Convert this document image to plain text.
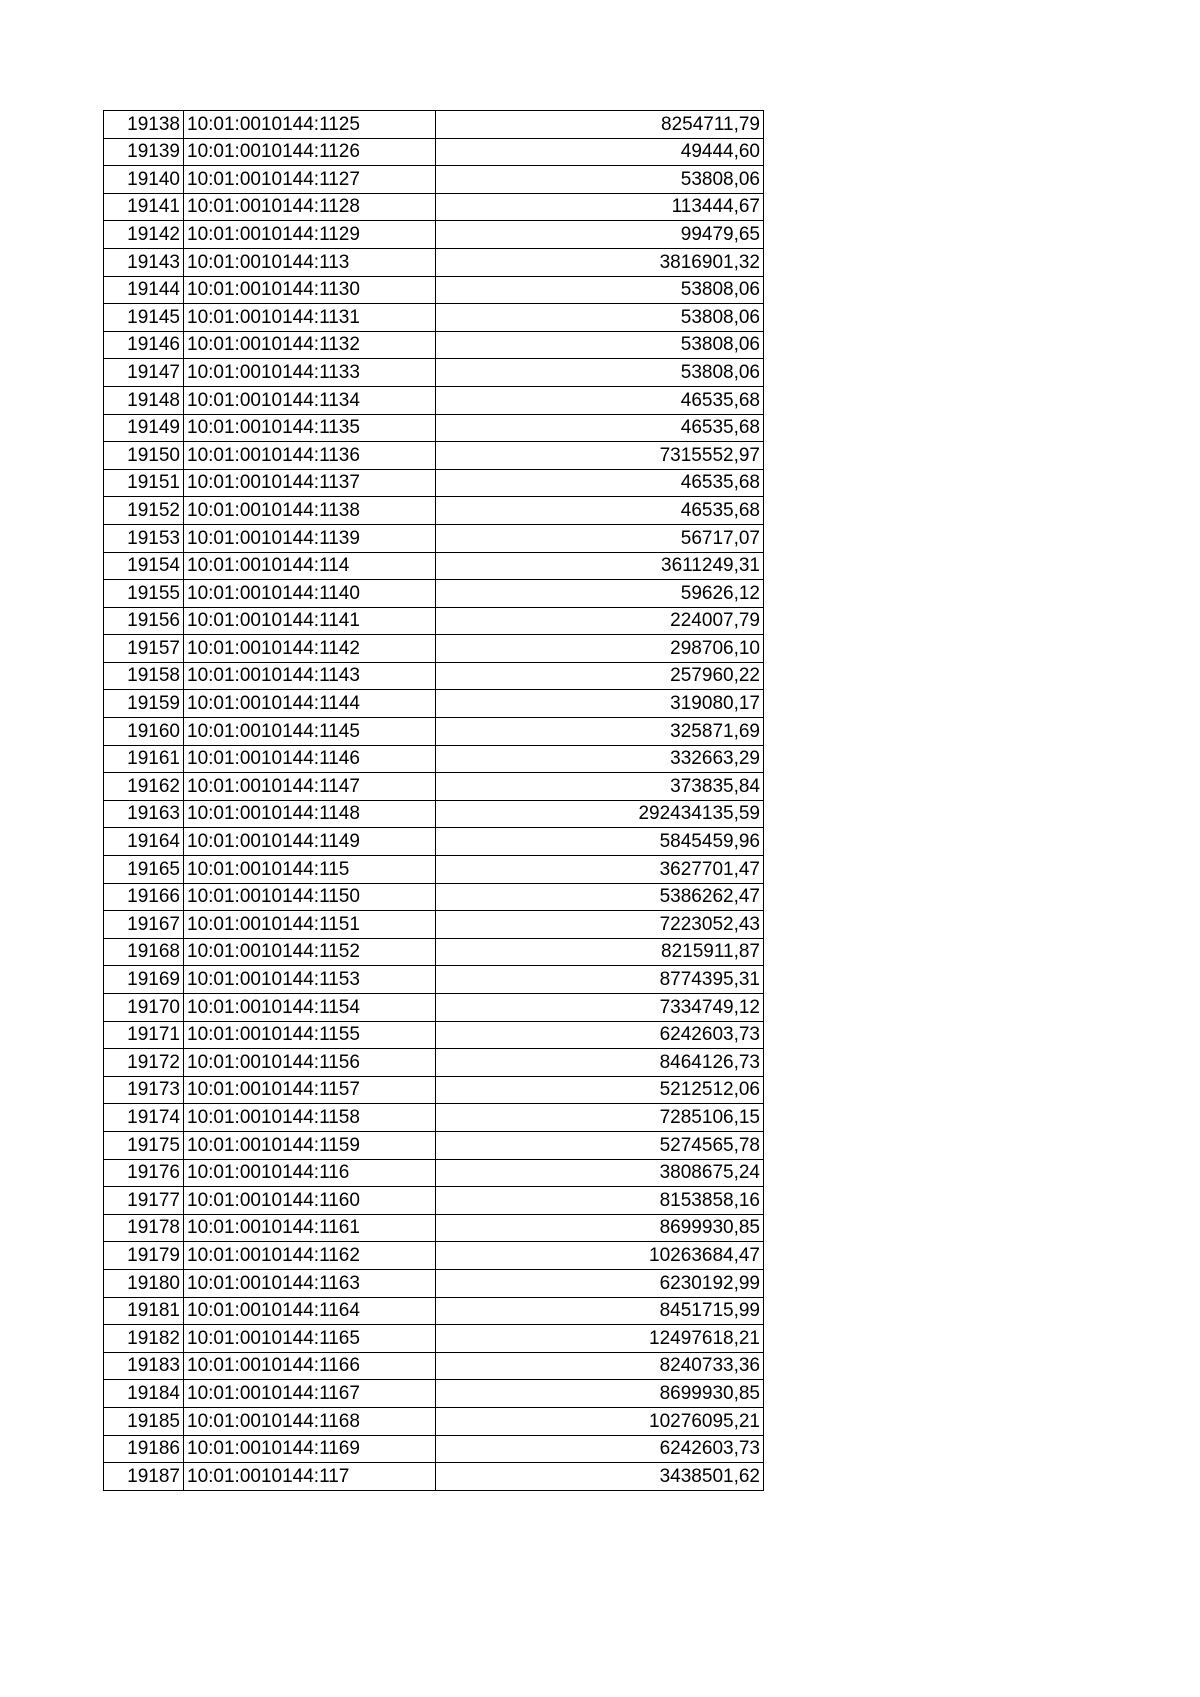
19138	10:01:0010144:1125	8254711,79
19139	10:01:0010144:1126	49444,60
19140	10:01:0010144:1127	53808,06
19141	10:01:0010144:1128	113444,67
19142	10:01:0010144:1129	99479,65
19143	10:01:0010144:113	3816901,32
19144	10:01:0010144:1130	53808,06
19145	10:01:0010144:1131	53808,06
19146	10:01:0010144:1132	53808,06
19147	10:01:0010144:1133	53808,06
19148	10:01:0010144:1134	46535,68
19149	10:01:0010144:1135	46535,68
19150	10:01:0010144:1136	7315552,97
19151	10:01:0010144:1137	46535,68
19152	10:01:0010144:1138	46535,68
19153	10:01:0010144:1139	56717,07
19154	10:01:0010144:114	3611249,31
19155	10:01:0010144:1140	59626,12
19156	10:01:0010144:1141	224007,79
19157	10:01:0010144:1142	298706,10
19158	10:01:0010144:1143	257960,22
19159	10:01:0010144:1144	319080,17
19160	10:01:0010144:1145	325871,69
19161	10:01:0010144:1146	332663,29
19162	10:01:0010144:1147	373835,84
19163	10:01:0010144:1148	292434135,59
19164	10:01:0010144:1149	5845459,96
19165	10:01:0010144:115	3627701,47
19166	10:01:0010144:1150	5386262,47
19167	10:01:0010144:1151	7223052,43
19168	10:01:0010144:1152	8215911,87
19169	10:01:0010144:1153	8774395,31
19170	10:01:0010144:1154	7334749,12
19171	10:01:0010144:1155	6242603,73
19172	10:01:0010144:1156	8464126,73
19173	10:01:0010144:1157	5212512,06
19174	10:01:0010144:1158	7285106,15
19175	10:01:0010144:1159	5274565,78
19176	10:01:0010144:116	3808675,24
19177	10:01:0010144:1160	8153858,16
19178	10:01:0010144:1161	8699930,85
19179	10:01:0010144:1162	10263684,47
19180	10:01:0010144:1163	6230192,99
19181	10:01:0010144:1164	8451715,99
19182	10:01:0010144:1165	12497618,21
19183	10:01:0010144:1166	8240733,36
19184	10:01:0010144:1167	8699930,85
19185	10:01:0010144:1168	10276095,21
19186	10:01:0010144:1169	6242603,73
19187	10:01:0010144:117	3438501,62
